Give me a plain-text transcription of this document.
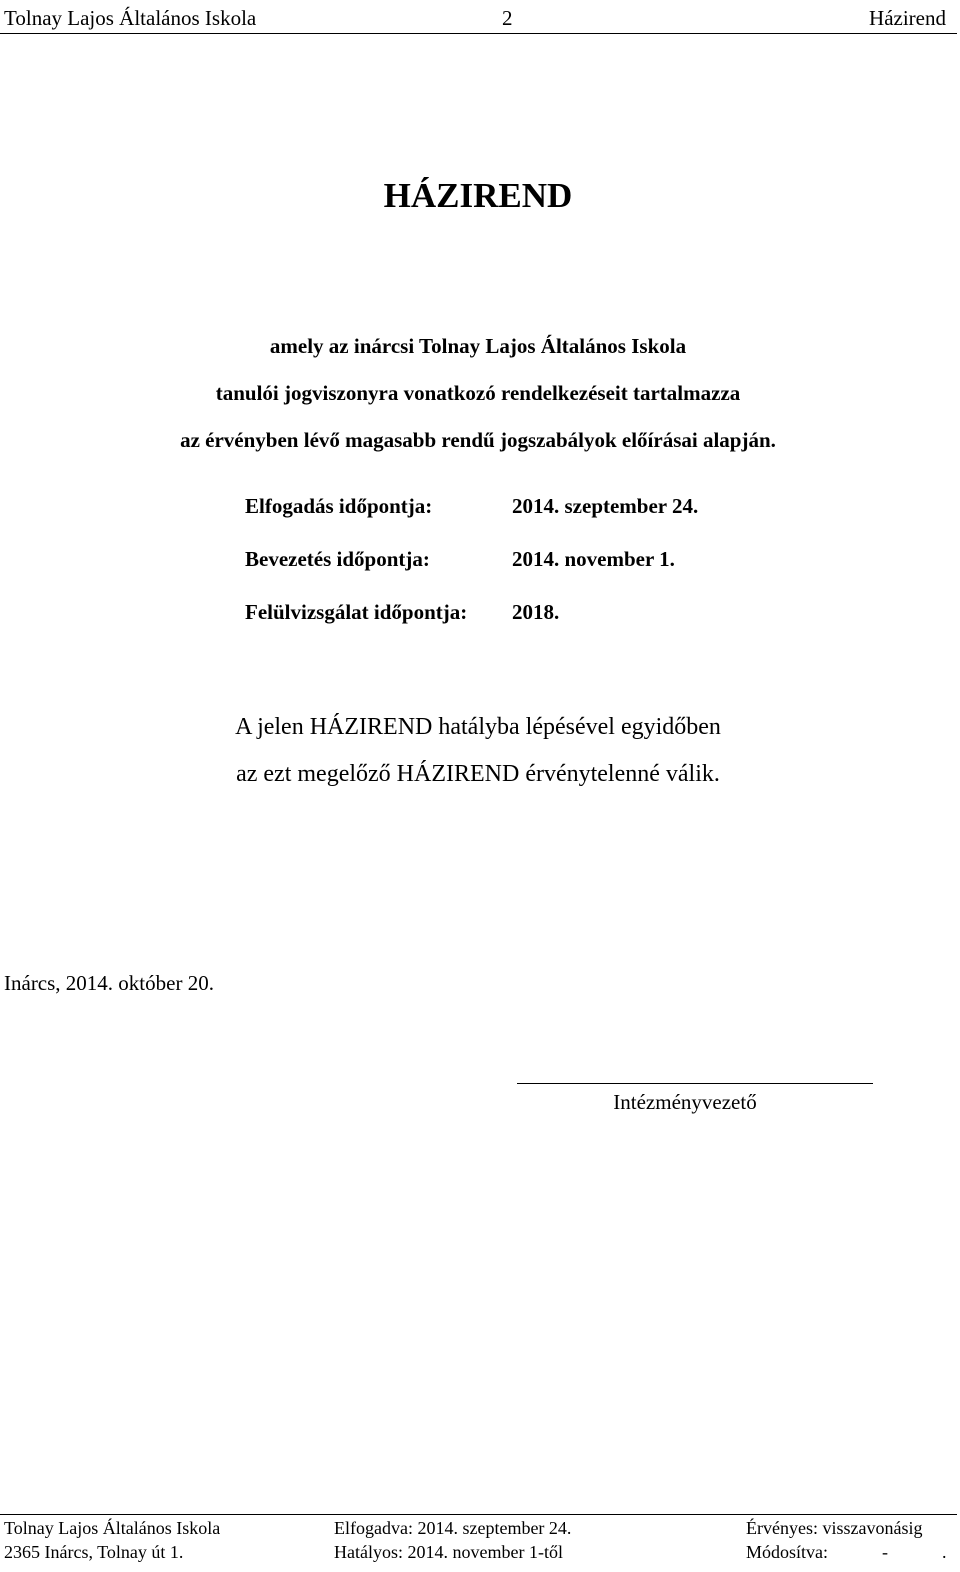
Tolnay Lajos Általános Iskola	2	Házirend
HÁZIREND
amely az inárcsi Tolnay Lajos Általános Iskola
tanulói jogviszonyra vonatkozó rendelkezéseit tartalmazza
az érvényben lévő magasabb rendű jogszabályok előírásai alapján.
Elfogadás időpontja:	2014. szeptember 24.
Bevezetés időpontja:	2014. november 1.
Felülvizsgálat időpontja: 2018.
A jelen HÁZIREND hatályba lépésével egyidőben
az ezt megelőző HÁZIREND érvénytelenné válik.
Inárcs, 2014. október 20.
Intézményvezető
Tolnay Lajos Általános Iskola	Elfogadva: 2014. szeptember 24.	Érvényes: visszavonásig
2365 Inárcs, Tolnay út 1.	Hatályos: 2014. november 1-től	Módosítva:	-	.
